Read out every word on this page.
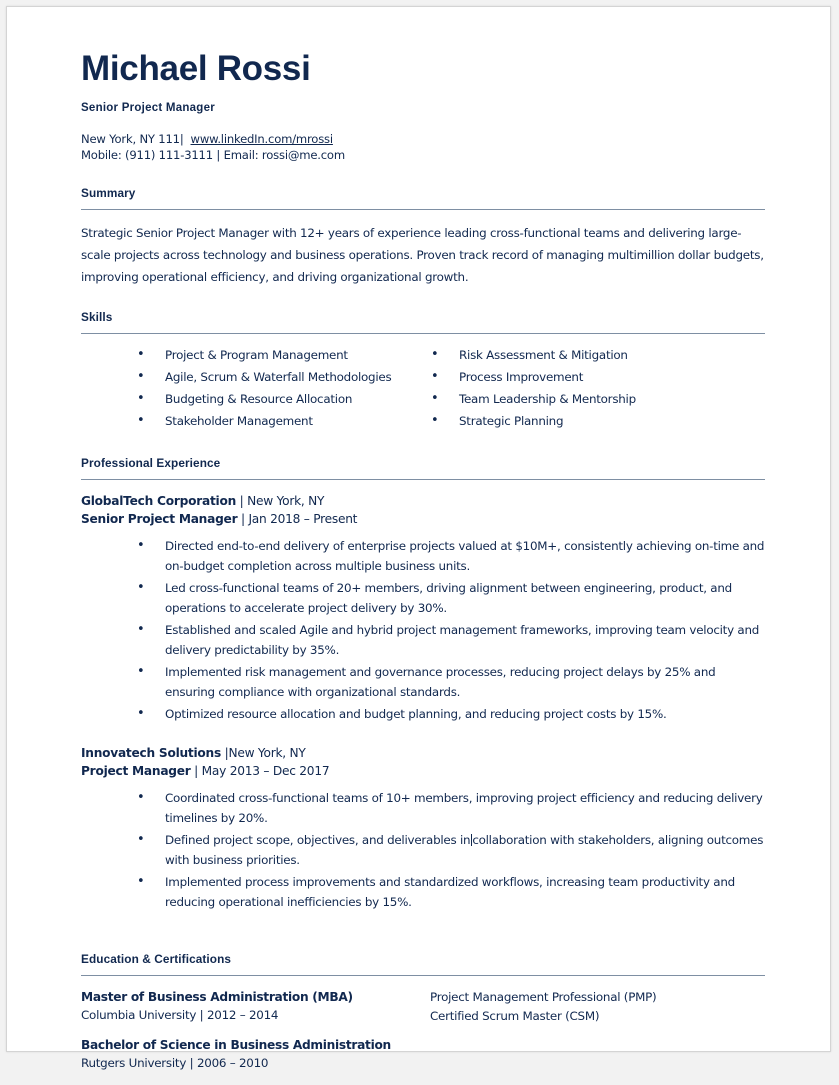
Michael Rossi
Senior Project Manager
New York, NY 111| www.linkedIn.com/mrossi
Mobile: (911) 111-3111 | Email: rossi@me.com
Summary

Strategic Senior Project Manager with 12+ years of experience leading cross-functional teams and delivering large-scale projects across technology and business operations. Proven track record of managing multimillion dollar budgets, improving operational efficiency, and driving organizational growth.

Skills
• Project & Program Management
• Agile, Scrum & Waterfall Methodologies
• Budgeting & Resource Allocation
• Stakeholder Management
• Risk Assessment & Mitigation
• Process Improvement
• Team Leadership & Mentorship
• Strategic Planning
Professional Experience
GlobalTech Corporation | New York, NY
Senior Project Manager | Jan 2018 – Present
• Directed end-to-end delivery of enterprise projects valued at $10M+, consistently achieving on-time and on-budget completion across multiple business units.
• Led cross-functional teams of 20+ members, driving alignment between engineering, product, and operations to accelerate project delivery by 30%.
• Established and scaled Agile and hybrid project management frameworks, improving team velocity and delivery predictability by 35%.
• Implemented risk management and governance processes, reducing project delays by 25% and ensuring compliance with organizational standards.
• Optimized resource allocation and budget planning, and reducing project costs by 15%.
Innovatech Solutions |New York, NY
Project Manager | May 2013 – Dec 2017
• Coordinated cross-functional teams of 10+ members, improving project efficiency and reducing delivery timelines by 20%.
• Defined project scope, objectives, and deliverables in collaboration with stakeholders, aligning outcomes with business priorities.
• Implemented process improvements and standardized workflows, increasing team productivity and reducing operational inefficiencies by 15%.
Education & Certifications
Master of Business Administration (MBA)
Columbia University | 2012 – 2014
Bachelor of Science in Business Administration
Rutgers University | 2006 – 2010
Project Management Professional (PMP)
Certified Scrum Master (CSM)
